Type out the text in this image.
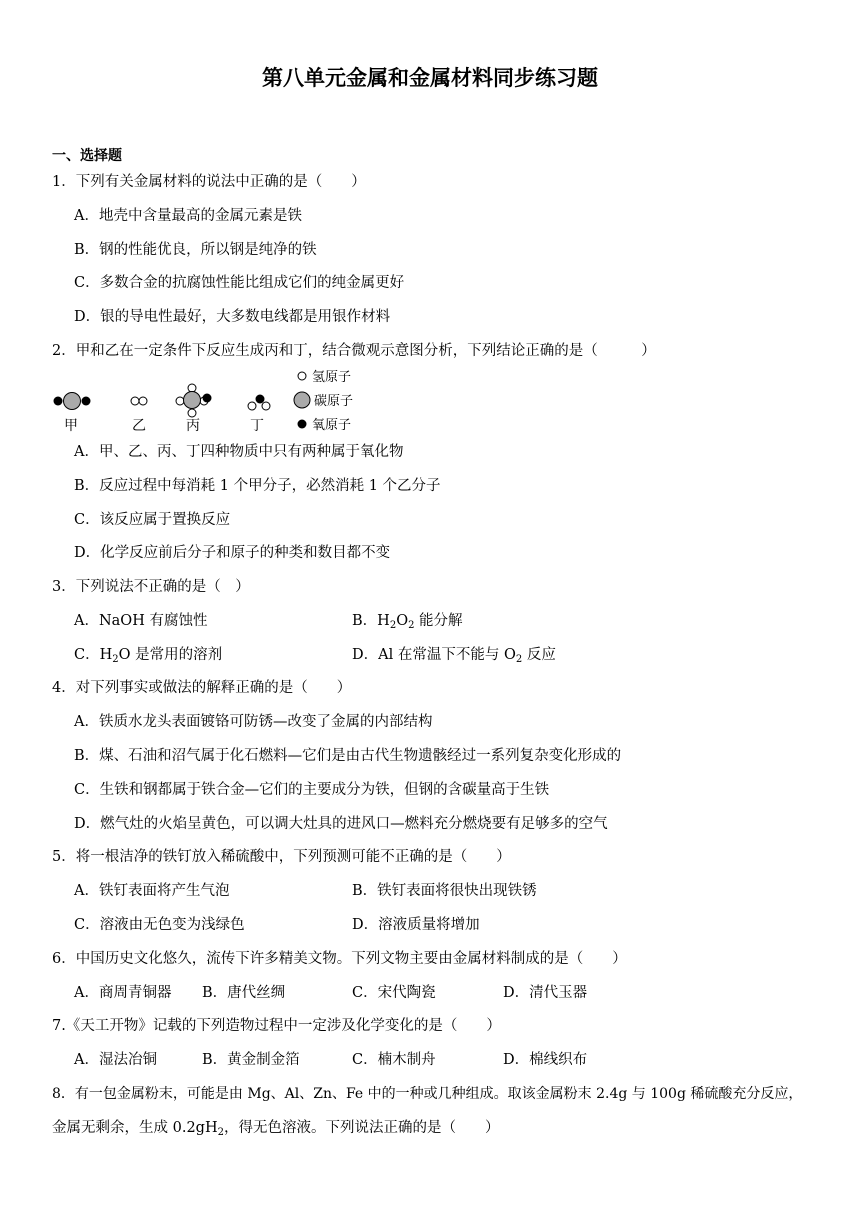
第八单元金属和金属材料同步练习题
一、选择题
1．下列有关金属材料的说法中正确的是（　　）
A．地壳中含量最高的金属元素是铁
B．钢的性能优良，所以钢是纯净的铁
C．多数合金的抗腐蚀性能比组成它们的纯金属更好
D．银的导电性最好，大多数电线都是用银作材料
2．甲和乙在一定条件下反应生成丙和丁，结合微观示意图分析，下列结论正确的是（　　　）
甲	乙	丙	丁
氢原子
碳原子
氧原子
A．甲、乙、丙、丁四种物质中只有两种属于氧化物
B．反应过程中每消耗 1 个甲分子，必然消耗 1 个乙分子
C．该反应属于置换反应
D．化学反应前后分子和原子的种类和数目都不变
3．下列说法不正确的是（　）
A．NaOH 有腐蚀性	B．$H_2O_2$ 能分解
C．$H_2O$ 是常用的溶剂	D．Al 在常温下不能与 $O_2$ 反应
4．对下列事实或做法的解释正确的是（　　）
A．铁质水龙头表面镀铬可防锈—改变了金属的内部结构
B．煤、石油和沼气属于化石燃料—它们是由古代生物遗骸经过一系列复杂变化形成的
C．生铁和钢都属于铁合金—它们的主要成分为铁，但钢的含碳量高于生铁
D．燃气灶的火焰呈黄色，可以调大灶具的进风口—燃料充分燃烧要有足够多的空气
5．将一根洁净的铁钉放入稀硫酸中，下列预测可能不正确的是（　　）
A．铁钉表面将产生气泡	B．铁钉表面将很快出现铁锈
C．溶液由无色变为浅绿色	D．溶液质量将增加
6．中国历史文化悠久，流传下许多精美文物。下列文物主要由金属材料制成的是（　　）
A．商周青铜器 B．唐代丝绸	C．宋代陶瓷	D．清代玉器
7.《天工开物》记载的下列造物过程中一定涉及化学变化的是（　　）
A．湿法冶铜	B．黄金制金箔	C．楠木制舟	D．棉线织布
8．有一包金属粉末，可能是由 Mg、Al、Zn、Fe 中的一种或几种组成。取该金属粉末 2.4g 与 100g 稀硫酸充分反应，
金属无剩余，生成 $0.2gH_2$，得无色溶液。下列说法正确的是（　　）
